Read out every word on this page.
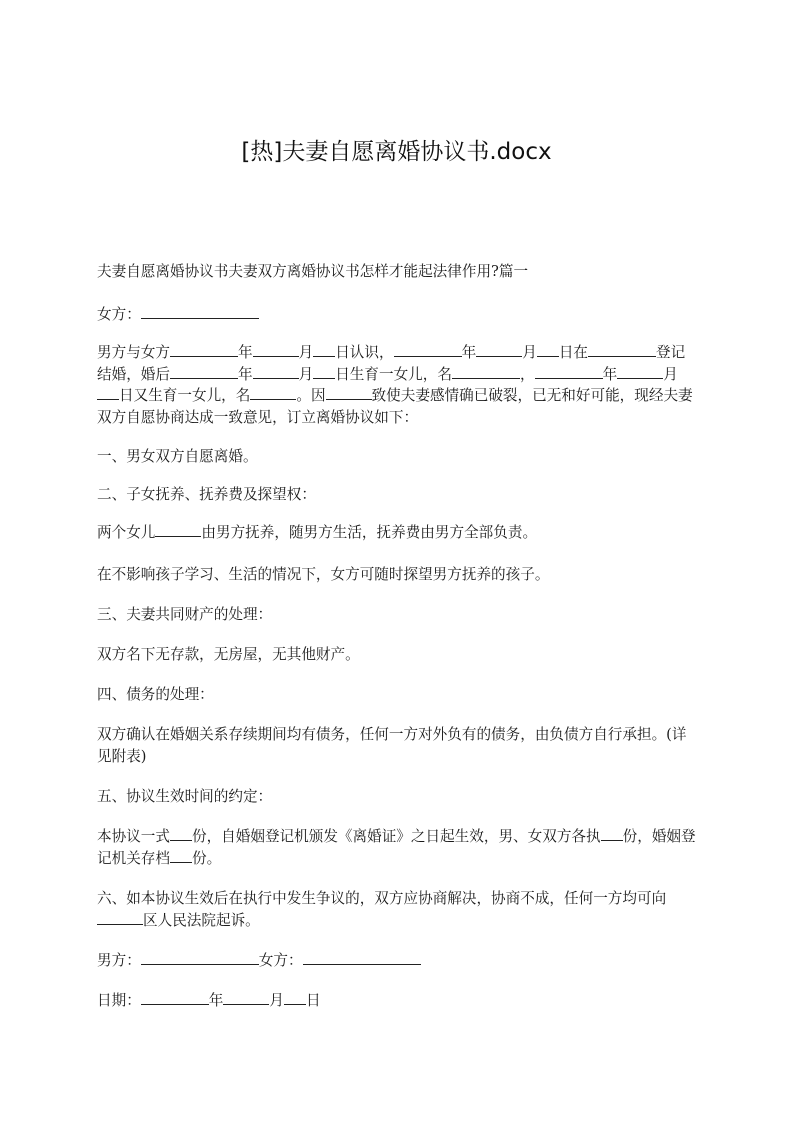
[热]夫妻自愿离婚协议书.docx

夫妻自愿离婚协议书夫妻双方离婚协议书怎样才能起法律作用?篇一

女方：

男方与女方	年	月 日认识，	年	月 日在	登记结婚，婚后	年	月 日生育一女儿，名	，	年	月日又生育一女儿，名	。因	致使夫妻感情确已破裂，已无和好可能，现经夫妻双方自愿协商达成一致意见，订立离婚协议如下：

一、男女双方自愿离婚。

二、子女抚养、抚养费及探望权：

两个女儿	由男方抚养，随男方生活，抚养费由男方全部负责。

在不影响孩子学习、生活的情况下，女方可随时探望男方抚养的孩子。

三、夫妻共同财产的处理：

双方名下无存款，无房屋，无其他财产。

四、债务的处理：

双方确认在婚姻关系存续期间均有债务，任何一方对外负有的债务，由负债方自行承担。(详见附表)

五、协议生效时间的约定：

本协议一式 份，自婚姻登记机颁发《离婚证》之日起生效，男、女双方各执 份，婚姻登记机关存档 份。

六、如本协议生效后在执行中发生争议的，双方应协商解决，协商不成，任何一方均可向区人民法院起诉。

男方：	女方：

日期：	年	月 日
